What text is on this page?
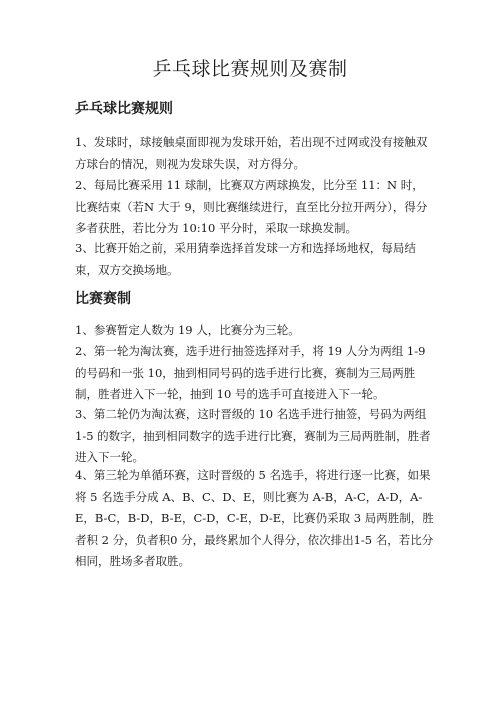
乒乓球比赛规则及赛制
乒乓球比赛规则
1、发球时，球接触桌面即视为发球开始，若出现不过网或没有接触双方球台的情况，则视为发球失误，对方得分。
2、每局比赛采用 11 球制，比赛双方两球换发，比分至 11：N 时，比赛结束（若N 大于 9，则比赛继续进行，直至比分拉开两分），得分多者获胜，若比分为 10:10 平分时，采取一球换发制。
3、比赛开始之前，采用猜拳选择首发球一方和选择场地权，每局结束，双方交换场地。
比赛赛制
1、参赛暂定人数为 19 人，比赛分为三轮。
2、第一轮为淘汰赛，选手进行抽签选择对手，将 19 人分为两组 1-9 的号码和一张 10，抽到相同号码的选手进行比赛，赛制为三局两胜制，胜者进入下一轮，抽到 10 号的选手可直接进入下一轮。
3、第二轮仍为淘汰赛，这时晋级的 10 名选手进行抽签，号码为两组1-5 的数字，抽到相同数字的选手进行比赛，赛制为三局两胜制，胜者进入下一轮。
4、第三轮为单循环赛，这时晋级的 5 名选手，将进行逐一比赛，如果将 5 名选手分成 A、B、C、D、E，则比赛为 A-B，A-C，A-D，A-E，B-C，B-D，B-E，C-D，C-E，D-E，比赛仍采取 3 局两胜制，胜者积 2 分，负者积0 分，最终累加个人得分，依次排出1-5 名，若比分相同，胜场多者取胜。
